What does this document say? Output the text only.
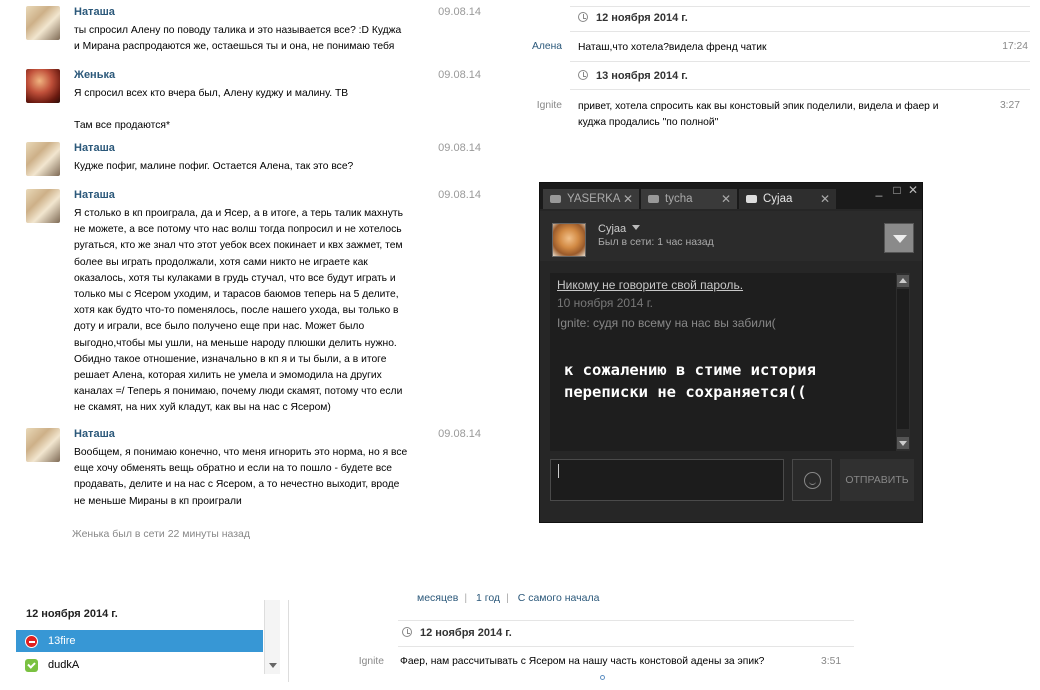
Наташа	09.08.14
ты спросил Алену по поводу талика и это называется все? :D Куджа
и Мирана распродаются же, остаешься ты и она, не понимаю тебя
Женька	09.08.14
Я спросил всех кто вчера был, Алену куджу и малину. ТВ

Там все продаются*
Наташа	09.08.14
Кудже пофиг, малине пофиг. Остается Алена, так это все?
Наташа	09.08.14
Я столько в кп проиграла, да и Ясер, а в итоге, а терь талик махнуть
не можете, а все потому что нас волш тогда попросил и не хотелось
ругаться, кто же знал что этот уебок всех покинает и квх зажмет, тем
более вы играть продолжали, хотя сами никто не играете как
оказалось, хотя ты кулаками в грудь стучал, что все будут играть и
только мы с Ясером уходим, и тарасов баюмов теперь на 5 делите,
хотя как будто что-то поменялось, после нашего ухода, вы только в
доту и играли, все было получено еще при нас. Может было
выгодно,чтобы мы ушли, на меньше народу плюшки делить нужно.
Обидно такое отношение, изначально в кп я и ты были, а в итоге
решает Алена, которая хилить не умела и эмомодила на других
каналах =/ Теперь я понимаю, почему люди скамят, потому что если
не скамят, на них хуй кладут, как вы на нас с Ясером)
Наташа	09.08.14
Вообщем, я понимаю конечно, что меня игнорить это норма, но я все
еще хочу обменять вещь обратно и если на то пошло - будете все
продавать, делите и на нас с Ясером, а то нечестно выходит, вроде
не меньше Мираны в кп проиграли
Женька был в сети 22 минуты назад
12 ноября 2014 г.
Алена Наташ,что хотела?видела френд чатик	17:24
13 ноября 2014 г.
Ignite привет, хотела спросить как вы констовый эпик поделили, видела и фаер и
куджа продались "по полной"
3:27
_ □ ✕
YASERKA ✕	tycha ✕	Сyjaa ✕
Сyjaa
Был в сети: 1 час назад
Никому не говорите свой пароль.
10 ноября 2014 г.
Ignite: судя по всему на нас вы забили(
к сожалению в стиме история
переписки не сохраняется((
ОТПРАВИТЬ
12 ноября 2014 г.
13fire
dudkA
месяцев | 1 год | С самого начала
12 ноября 2014 г.
Ignite Фаер, нам рассчитывать с Ясером на нашу часть констовой адены за эпик?	3:51
